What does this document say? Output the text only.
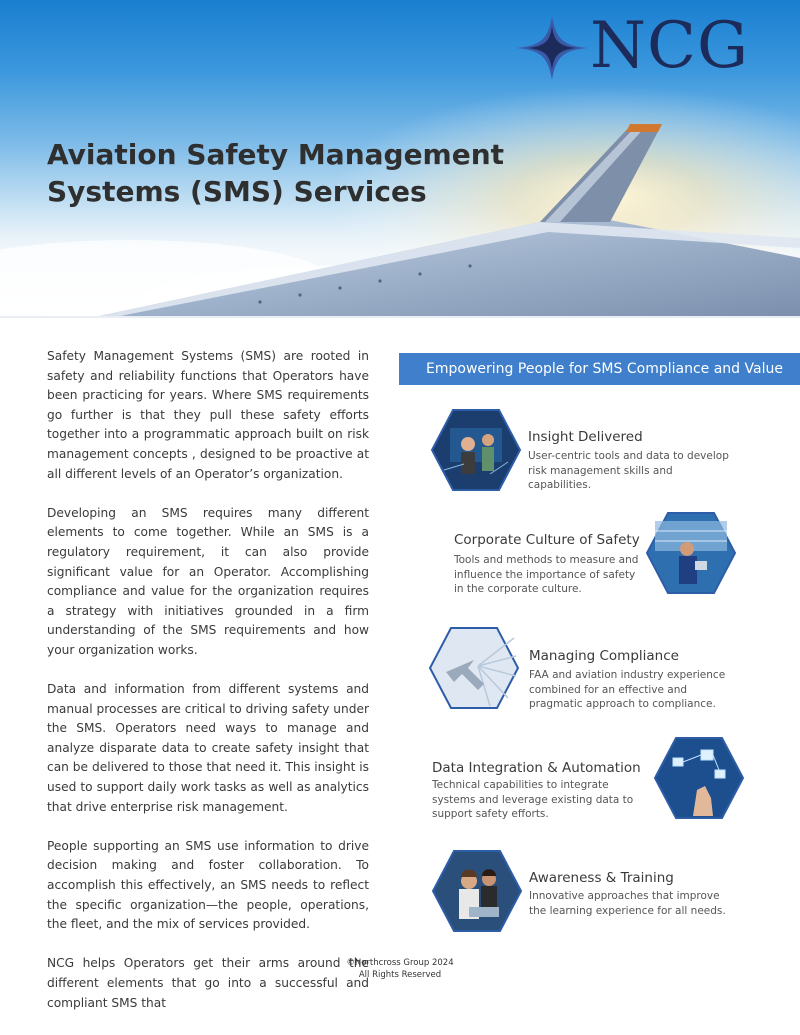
NCG
Aviation Safety Management
Systems (SMS) Services

Safety Management Systems (SMS) are rooted in safety and reliability functions that Operators have been practicing for years. Where SMS requirements go further is that they pull these safety efforts together into a programmatic approach built on risk management concepts , designed to be proactive at all different levels of an Operator’s organization.

Developing an SMS requires many different elements to come together. While an SMS is a regulatory requirement, it can also provide significant value for an Operator. Accomplishing compliance and value for the organization requires a strategy with initiatives grounded in a firm understanding of the SMS requirements and how your organization works.

Data and information from different systems and manual processes are critical to driving safety under the SMS. Operators need ways to manage and analyze disparate data to create safety insight that can be delivered to those that need it. This insight is used to support daily work tasks as well as analytics that drive enterprise risk management.

People supporting an SMS use information to drive decision making and foster collaboration. To accomplish this effectively, an SMS needs to reflect the specific organization—the people, operations, the fleet, and the mix of services provided.

NCG helps Operators get their arms around the different elements that go into a successful and compliant SMS that

Empowering People for SMS Compliance and Value
Insight Delivered
User-centric tools and data to develop risk management skills and capabilities.
Corporate Culture of Safety
Tools and methods to measure and influence the importance of safety in the corporate culture.
Managing Compliance
FAA and aviation industry experience combined for an effective and pragmatic approach to compliance.
Data Integration & Automation
Technical capabilities to integrate systems and leverage existing data to support safety efforts.
Awareness & Training
Innovative approaches that improve the learning experience for all needs.
©Northcross Group 2024
All Rights Reserved
